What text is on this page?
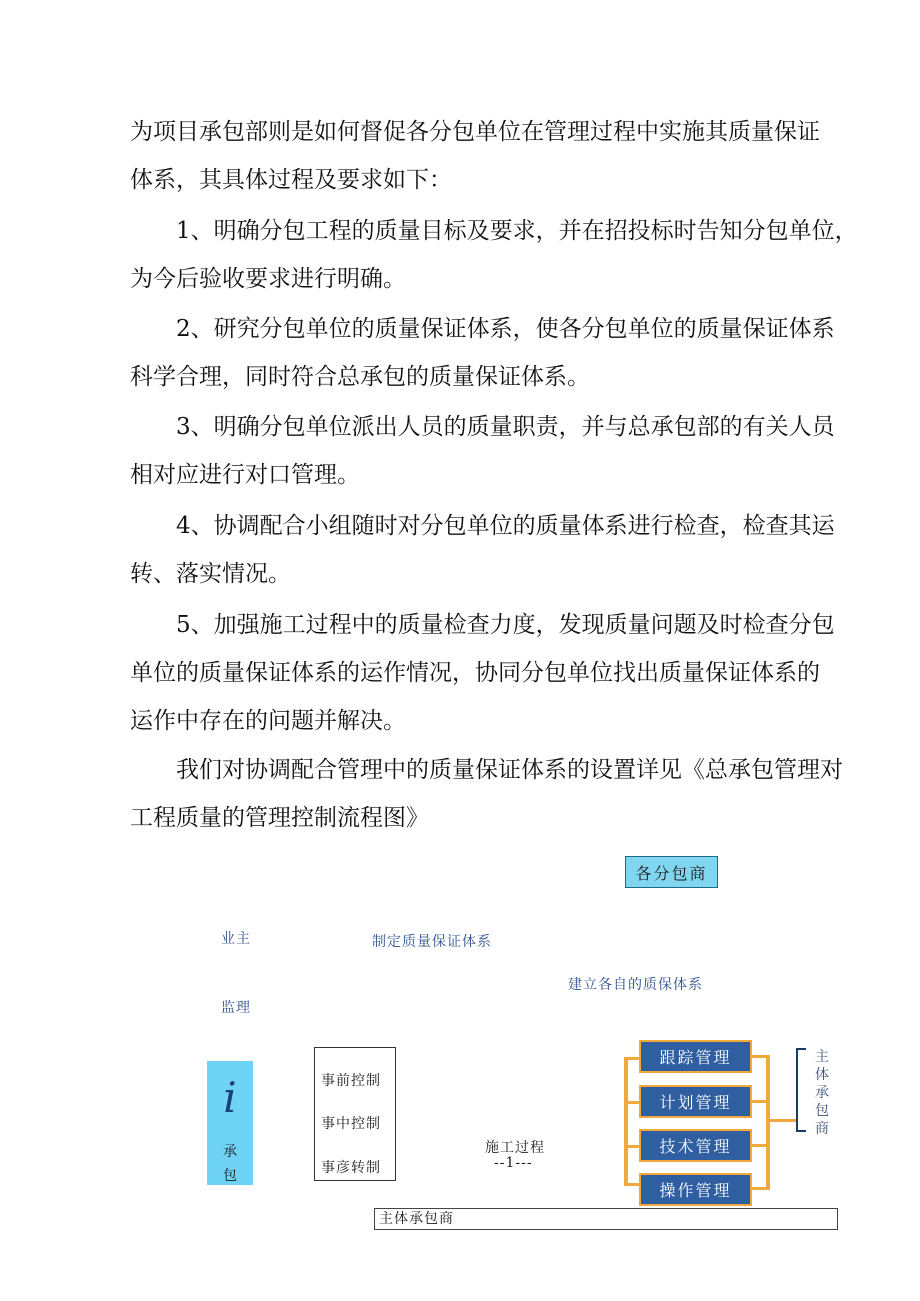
为项目承包部则是如何督促各分包单位在管理过程中实施其质量保证
体系，其具体过程及要求如下：

1、明确分包工程的质量目标及要求，并在招投标时告知分包单位，
为今后验收要求进行明确。

2、研究分包单位的质量保证体系，使各分包单位的质量保证体系
科学合理，同时符合总承包的质量保证体系。

3、明确分包单位派出人员的质量职责，并与总承包部的有关人员
相对应进行对口管理。

4、协调配合小组随时对分包单位的质量体系进行检查，检查其运
转、落实情况。

5、加强施工过程中的质量检查力度，发现质量问题及时检查分包
单位的质量保证体系的运作情况，协同分包单位找出质量保证体系的
运作中存在的问题并解决。

我们对协调配合管理中的质量保证体系的设置详见《总承包管理对
工程质量的管理控制流程图》

各分包商
业主
监理
制定质量保证体系
建立各自的质保体系
i
承
包
事前控制
事中控制
事彦转制
施工过程
--1---
跟踪管理
计划管理
技术管理
操作管理
主体承包商
主体承包商
